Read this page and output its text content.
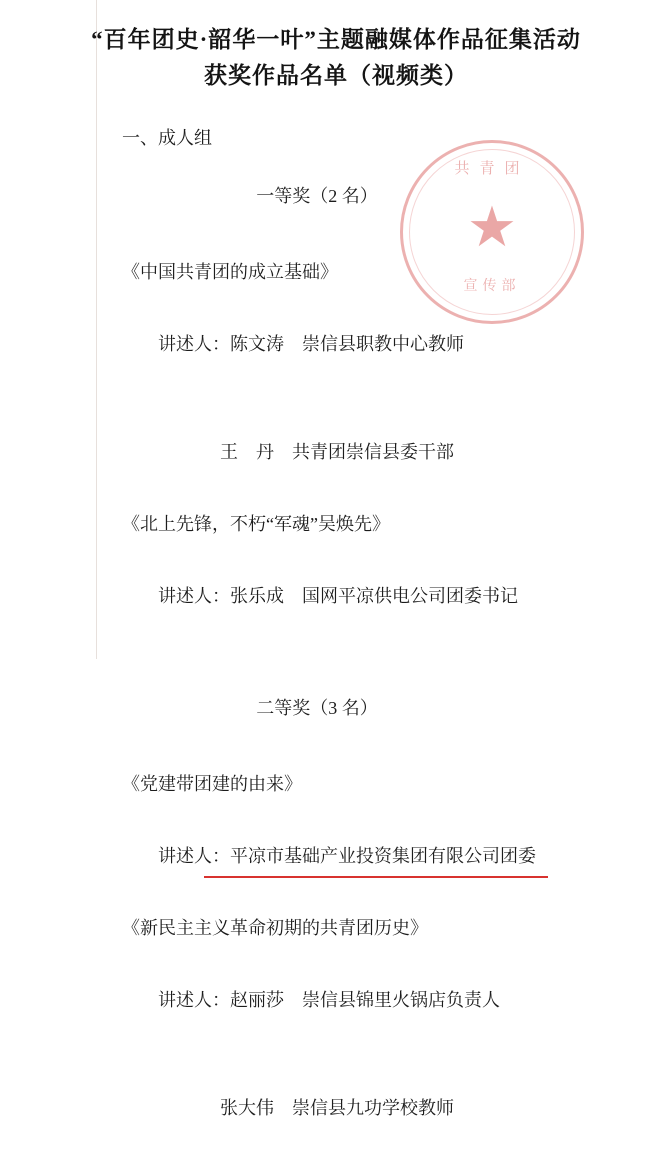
共青团
★
宣传部
“百年团史·韶华一叶”主题融媒体作品征集活动
获奖作品名单（视频类）
一、成人组
一等奖（2 名）
《中国共青团的成立基础》

讲述人：陈文涛　 崇信县职教中心教师

王　丹　 共青团崇信县委干部

《北上先锋，不朽“军魂”吴焕先》

讲述人：张乐成　 国网平凉供电公司团委书记

二等奖（3 名）
《党建带团建的由来》

讲述人：平凉市基础产业投资集团有限公司团委

《新民主主义革命初期的共青团历史》

讲述人：赵丽莎　 崇信县锦里火锅店负责人

张大伟　 崇信县九功学校教师
